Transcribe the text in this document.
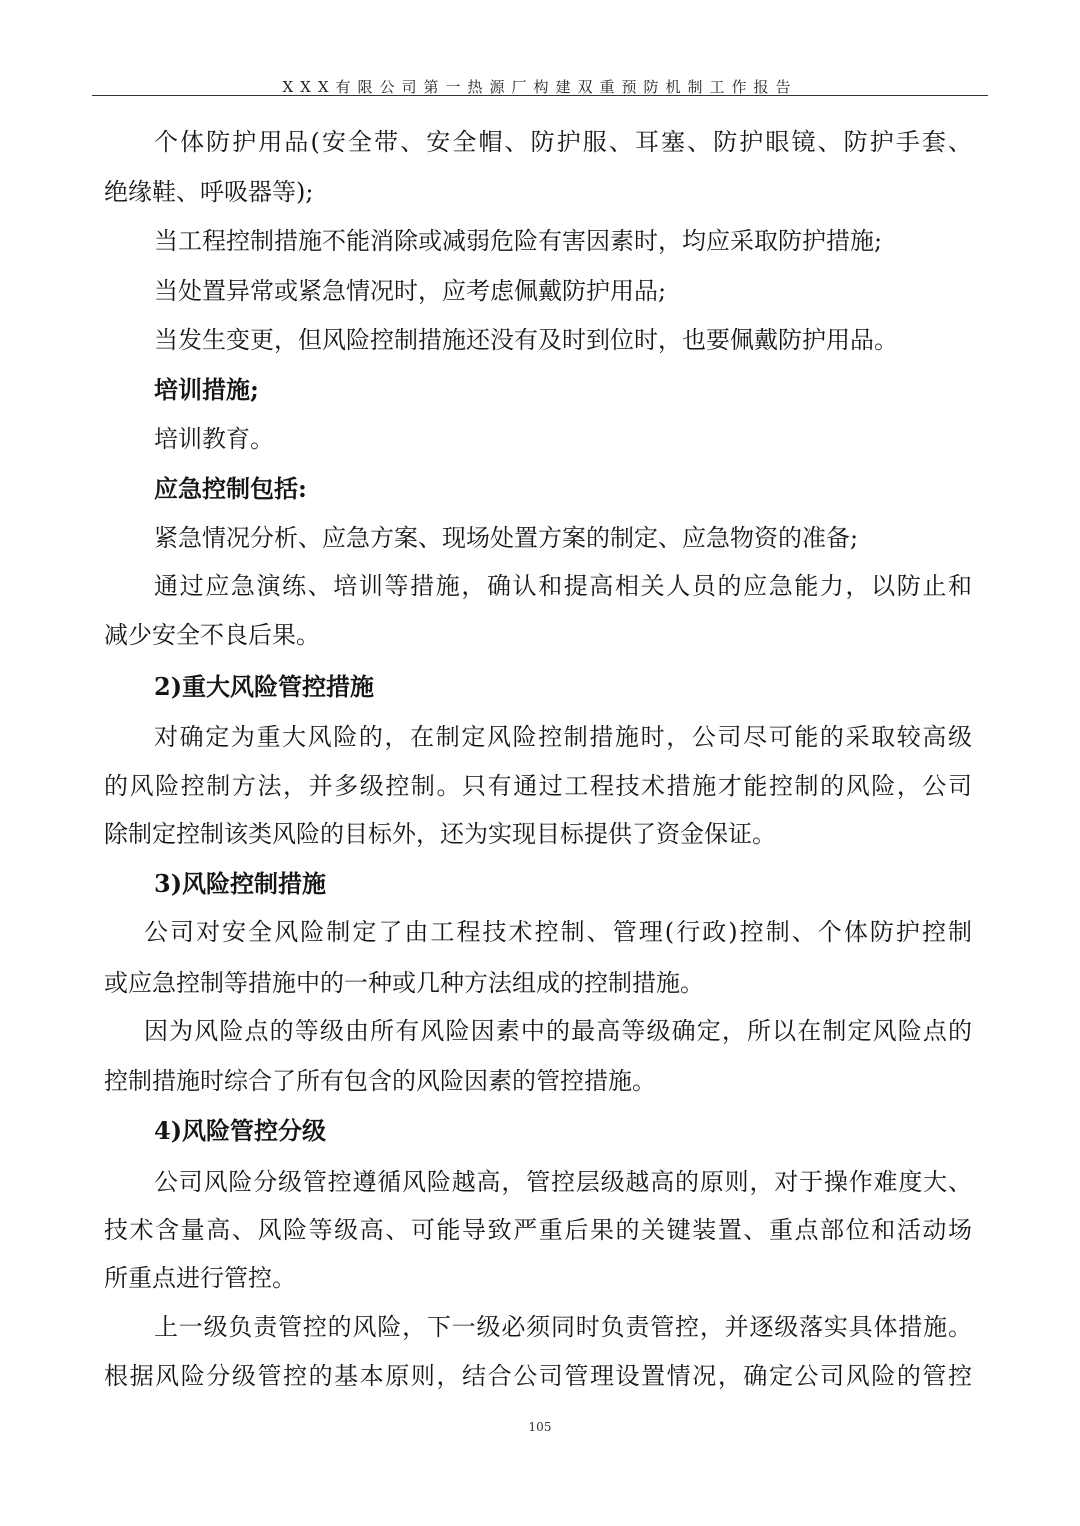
XXX有限公司第一热源厂构建双重预防机制工作报告
个体防护用品(安全带、安全帽、防护服、耳塞、防护眼镜、防护手套、
绝缘鞋、呼吸器等);
当工程控制措施不能消除或减弱危险有害因素时，均应采取防护措施;
当处置异常或紧急情况时，应考虑佩戴防护用品;
当发生变更，但风险控制措施还没有及时到位时，也要佩戴防护用品。
培训措施;
培训教育。
应急控制包括:
紧急情况分析、应急方案、现场处置方案的制定、应急物资的准备;
通过应急演练、培训等措施，确认和提高相关人员的应急能力，以防止和
减少安全不良后果。
2)重大风险管控措施
对确定为重大风险的，在制定风险控制措施时，公司尽可能的采取较高级
的风险控制方法，并多级控制。只有通过工程技术措施才能控制的风险，公司
除制定控制该类风险的目标外，还为实现目标提供了资金保证。
3)风险控制措施
公司对安全风险制定了由工程技术控制、管理(行政)控制、个体防护控制
或应急控制等措施中的一种或几种方法组成的控制措施。
因为风险点的等级由所有风险因素中的最高等级确定，所以在制定风险点的
控制措施时综合了所有包含的风险因素的管控措施。
4)风险管控分级
公司风险分级管控遵循风险越高，管控层级越高的原则，对于操作难度大、
技术含量高、风险等级高、可能导致严重后果的关键装置、重点部位和活动场
所重点进行管控。
上一级负责管控的风险，下一级必须同时负责管控，并逐级落实具体措施。
根据风险分级管控的基本原则，结合公司管理设置情况，确定公司风险的管控
105
